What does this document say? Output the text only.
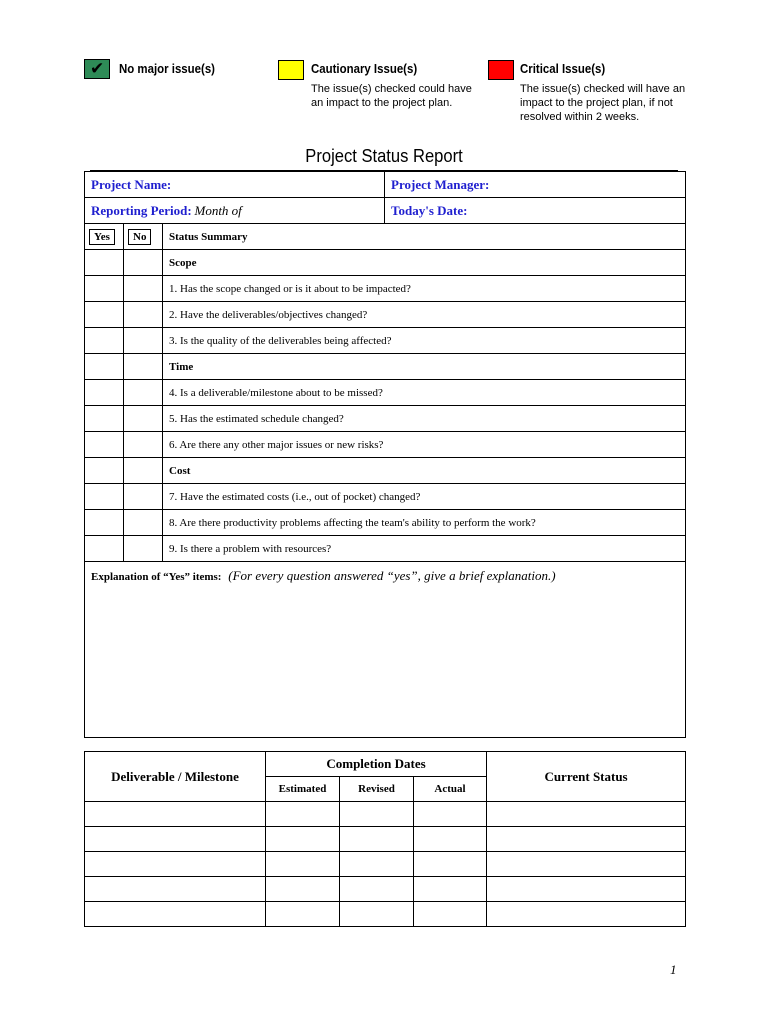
✔ No major issue(s)	Cautionary Issue(s)
The issue(s) checked could have an impact to the project plan.
Critical Issue(s)
The issue(s) checked will have an impact to the project plan, if not resolved within 2 weeks.
Project Status Report
Project Name:			Project Manager:
Reporting Period: Month of			Today's Date:
Yes	No	Status Summary	
		Scope	
		1. Has the scope changed or is it about to be impacted?	
		2. Have the deliverables/objectives changed?	
		3. Is the quality of the deliverables being affected?	
		Time	
		4. Is a deliverable/milestone about to be missed?	
		5. Has the estimated schedule changed?	
		6. Are there any other major issues or new risks?	
		Cost	
		7. Have the estimated costs (i.e., out of pocket) changed?	
		8. Are there productivity problems affecting the team's ability to perform the work?	
		9. Is there a problem with resources?	
Explanation of “Yes” items: (For every question answered “yes”, give a brief explanation.)			
Deliverable / Milestone	Completion Dates			Current Status
	Estimated	Revised	Actual	

1
